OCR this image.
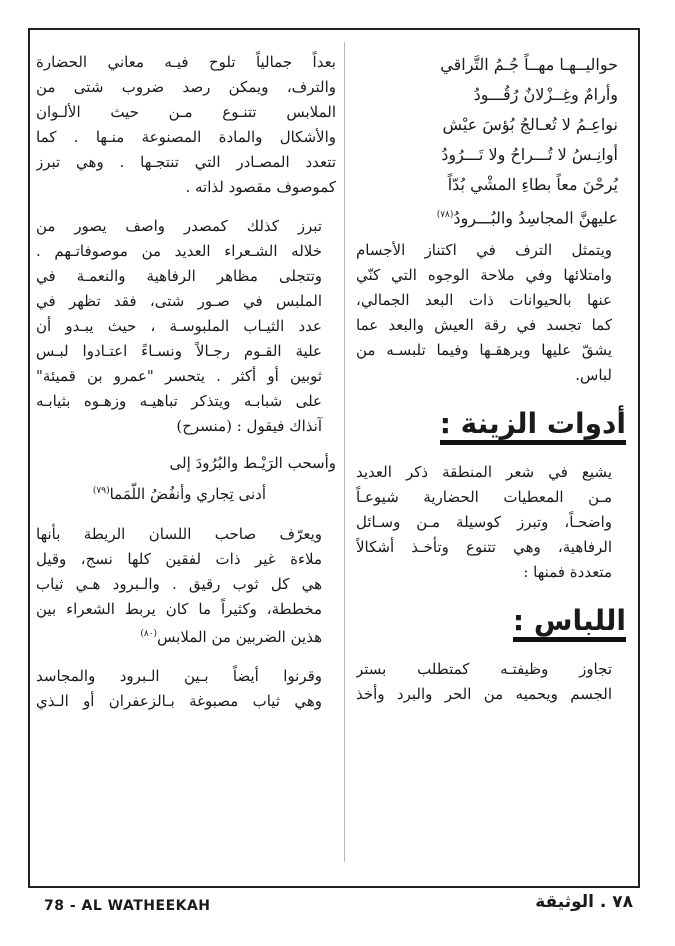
حواليــهـا مهــاً جُـمُ التَّراقي

وأرامٌ وغِــزْلانٌ رُقُـــودُ

نواعِـمُ لا تُعـالجُ بُؤسَ عيْش

أوانِـسُ لا تُـــراحُ ولا تَـــرُودُ

يُرحْنَ معاً بطاءِ المشْي بُدّاً

عليهنَّ المجاسِدُ والبُـــرودُ$^{(٧٨)}$

ويتمثل الترف في اكتناز الأجسام
وامتلائها وفي ملاحة الوجوه التي كنّي
عنها بالحيوانات ذات البعد الجمالي،
كما تجسد في رقة العيش والبعد عما
يشقّ عليها ويرهقـها وفيما تلبسـه من
لباس.
أدوات الزينة :
يشيع في شعر المنطقة ذكر العديد
مـن المعطيات الحضارية شيوعـاً
واضحـاً، وتبرز كوسيلة مـن وسـائل
الرفاهية، وهي تتنوع وتأخـذ أشكالاً
متعددة فمنها :
اللباس :
تجاوز وظيفتـه كمتطلب بستر
الجسم ويحميه من الحر والبرد وأخذ
بعداً جمالياً تلوح فيـه معاني الحضارة
والترف، ويمكن رصد ضروب شتى من
الملابس تتنـوع مـن حيث الألـوان
والأشكال والمادة المصنوعة منـها . كما
تتعدد المصـادر التي تنتجـها . وهي تبرز
كموصوف مقصود لذاته .
تبرز كذلك كمصدر واصف يصور من
خلاله الشـعراء العديد من موصوفاتـهم .
وتتجلى مظاهر الرفاهية والنعمـة في
الملبس في صـور شتى، فقد تظهر في
عدد الثيـاب الملبوسـة ، حيث يبـدو أن
علية القـوم رجـالاً ونسـاءً اعتـادوا لبـس
ثوبين أو أكثر . يتحسر "عمرو بن قميئة"
على شبابـه ويتذكر تباهيـه وزهـوه بثيابـه
آنذاك فيقول : (منسرح)
وأسحب الرَيْـط والبُرُودَ إلى
أدنى تِجاري وأنفُضُ اللّمَما$^{(٧٩)}$
ويعرّف صاحب اللسان الريطة بأنها
ملاءة غير ذات لفقين كلها نسج، وقيل
هي كل ثوب رقيق . والـبرود هـي ثياب
مخططة، وكثيراً ما كان يربط الشعراء بين
هذين الضربين من الملابس$^{(٨٠)}$
وقرنوا أيضاً بـين الـبرود والمجاسد
وهي ثياب مصبوغة بـالزعفران أو الـذي
78 - AL WATHEEKAH	٧٨ . الوثيقة
